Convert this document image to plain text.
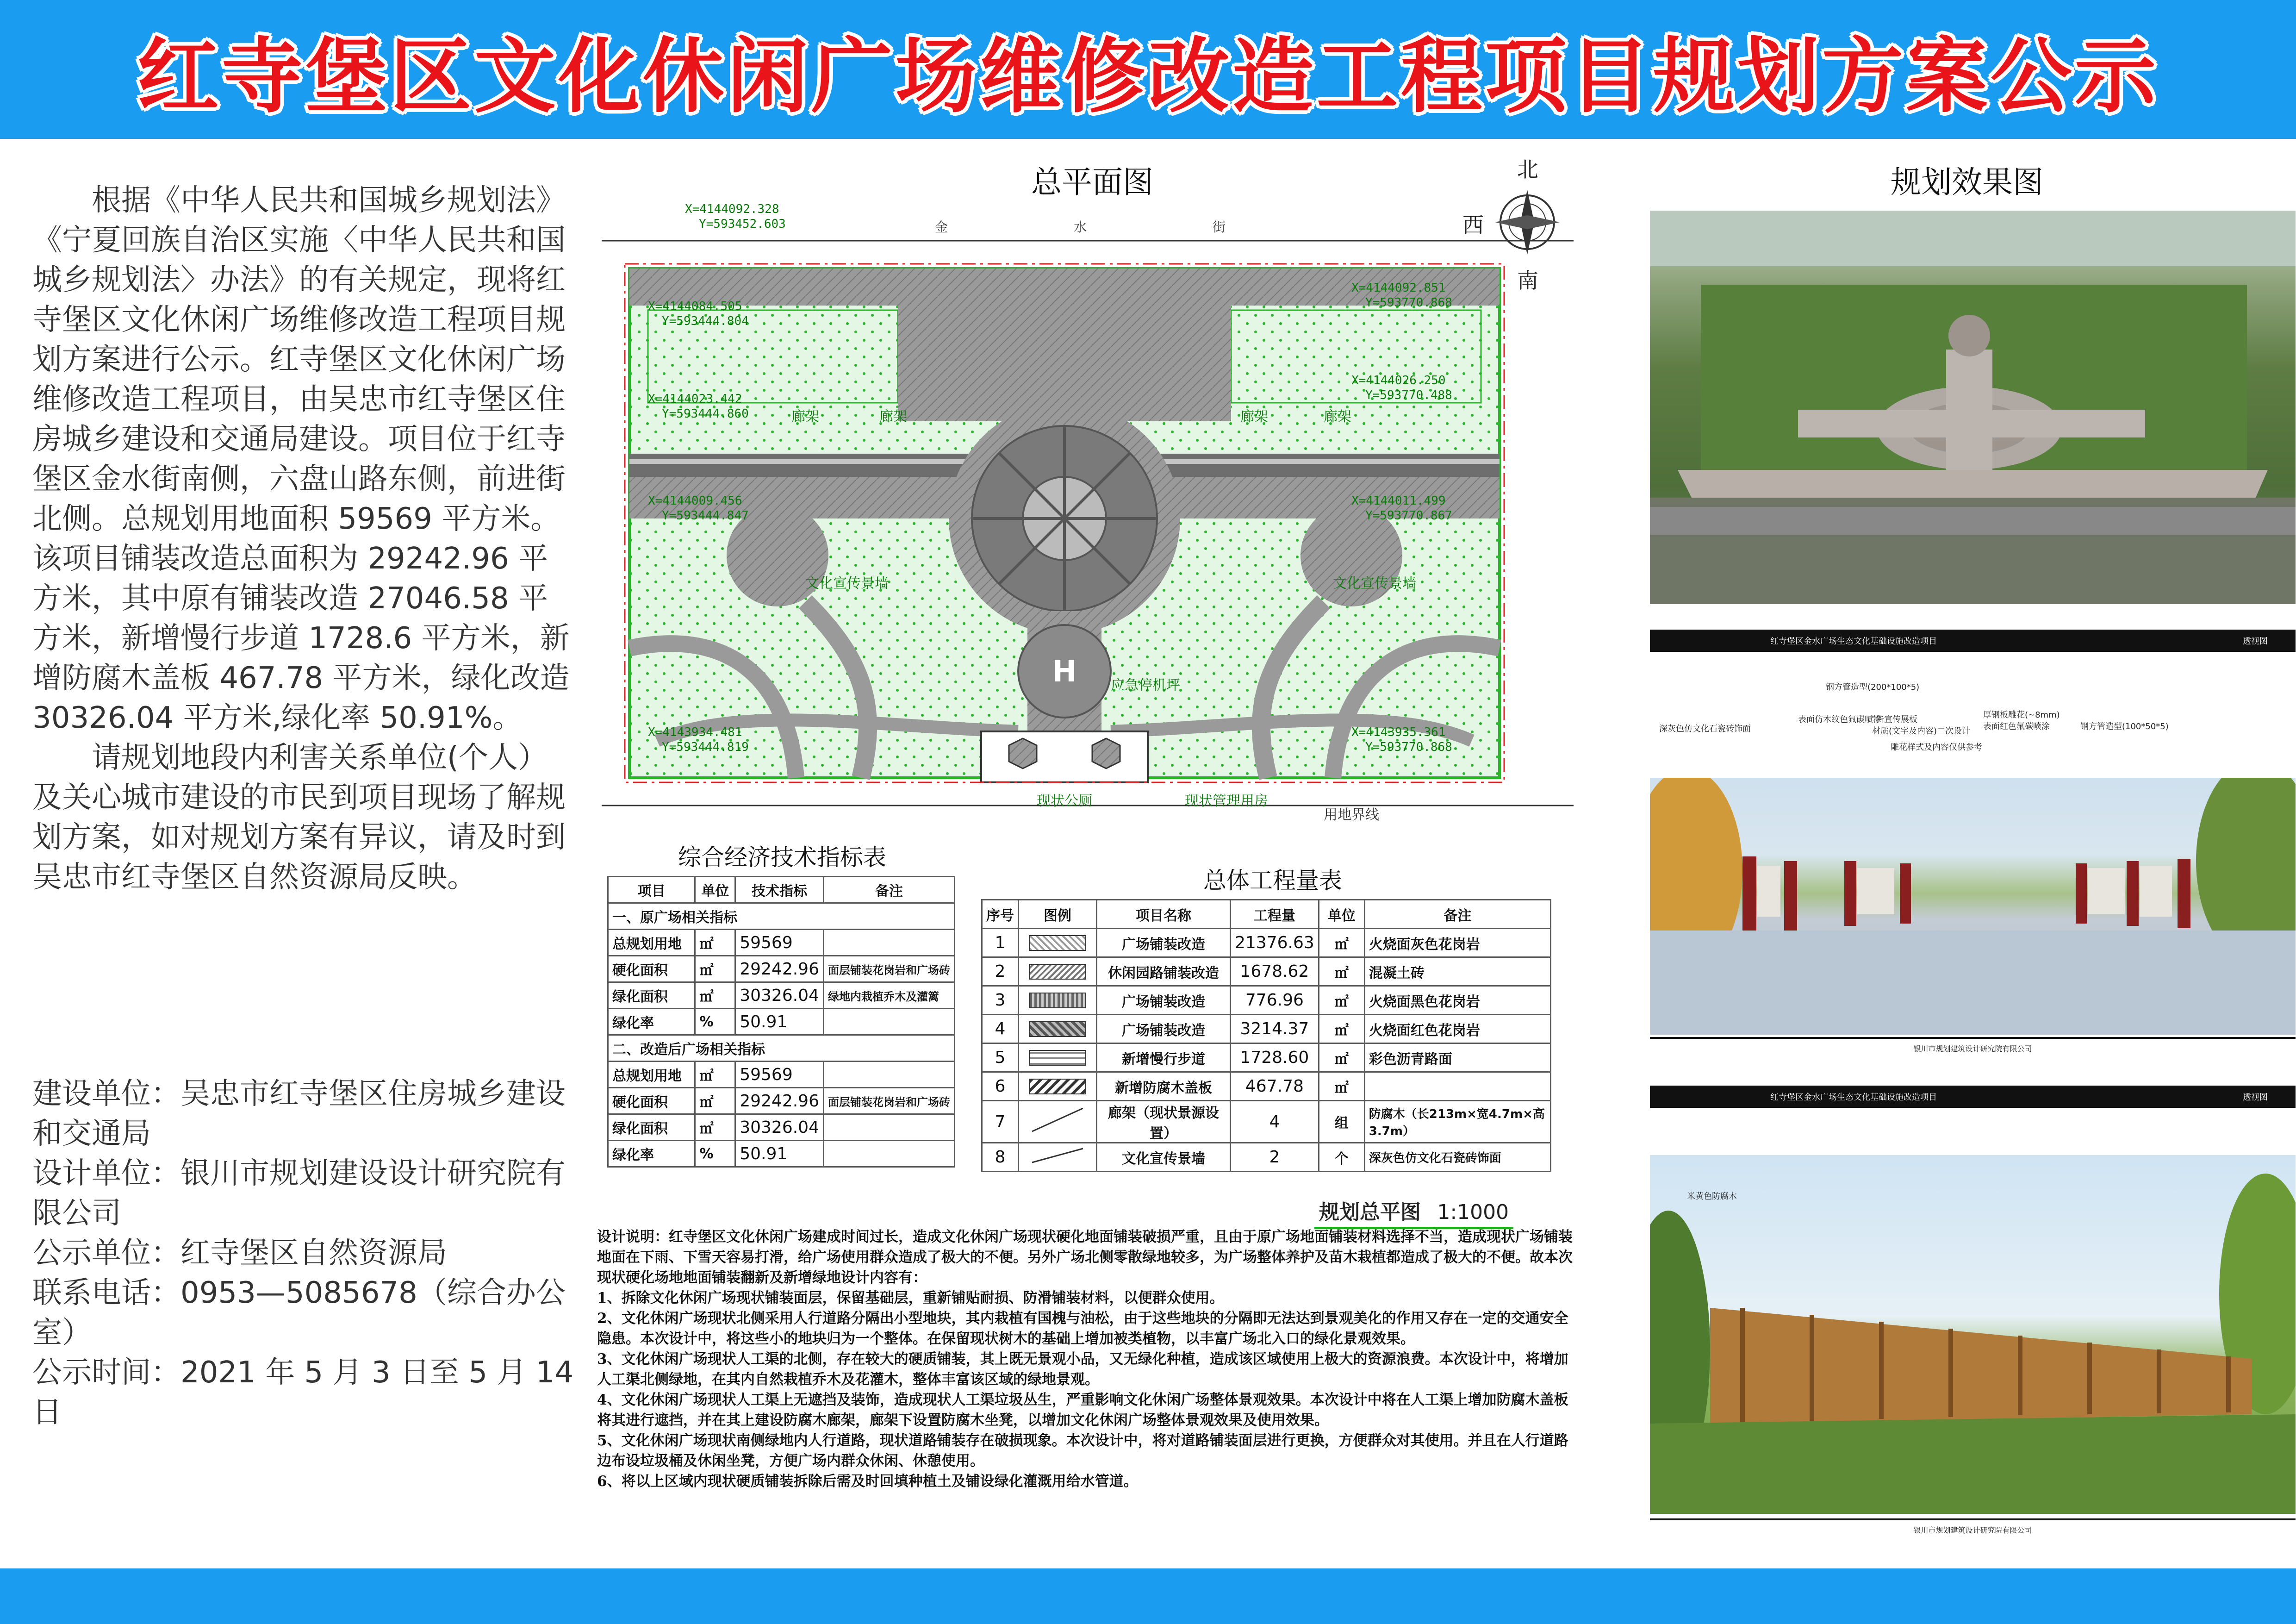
红寺堡区文化休闲广场维修改造工程项目规划方案公示

根据《中华人民共和国城乡规划法》《宁夏回族自治区实施〈中华人民共和国城乡规划法〉办法》的有关规定，现将红寺堡区文化休闲广场维修改造工程项目规划方案进行公示。红寺堡区文化休闲广场维修改造工程项目，由吴忠市红寺堡区住房城乡建设和交通局建设。项目位于红寺堡区金水街南侧，六盘山路东侧，前进街北侧。总规划用地面积 59569 平方米。该项目铺装改造总面积为 29242.96 平方米，其中原有铺装改造 27046.58 平方米，新增慢行步道 1728.6 平方米，新增防腐木盖板 467.78 平方米，绿化改造 30326.04 平方米,绿化率 50.91%。

请规划地段内利害关系单位(个人）及关心城市建设的市民到项目现场了解规划方案，如对规划方案有异议，请及时到吴忠市红寺堡区自然资源局反映。

建设单位：吴忠市红寺堡区住房城乡建设和交通局

设计单位：银川市规划建设设计研究院有限公司

公示单位：红寺堡区自然资源局

联系电话：0953—5085678（综合办公室）

公示时间：2021 年 5 月 3 日至 5 月 14 日

总平面图
H
金	水	街
X=4144092.328
Y=593452.603
X=4144084.505
Y=593444.804
X=4144092.851
Y=593770.868
X=4144023.442
Y=593444.860
X=4144026.250
Y=593770.488
X=4144009.456
Y=593444.847
X=4144011.499
Y=593770.867
X=4143934.481
Y=593444.819
X=4143935.361
Y=593770.868
廊架	廊架	廊架	廊架
文化宣传景墙	文化宣传景墙
应急停机坪
现状公厕	现状管理用房
用地界线
北
西
南
综合经济技术指标表
项目	单位	技术指标	备注
一、原广场相关指标			
总规划用地	㎡	59569	
硬化面积	㎡	29242.96	面层铺装花岗岩和广场砖
绿化面积	㎡	30326.04	绿地内栽植乔木及灌篱
绿化率	%	50.91	
二、改造后广场相关指标			
总规划用地	㎡	59569	
硬化面积	㎡	29242.96	面层铺装花岗岩和广场砖
绿化面积	㎡	30326.04	
绿化率	%	50.91	
总体工程量表
序号	图例	项目名称	工程量	单位	备注
1		广场铺装改造	21376.63	㎡	火烧面灰色花岗岩
2		休闲园路铺装改造	1678.62	㎡	混凝土砖
3		广场铺装改造	776.96	㎡	火烧面黑色花岗岩
4		广场铺装改造	3214.37	㎡	火烧面红色花岗岩
5		新增慢行步道	1728.60	㎡	彩色沥青路面
6		新增防腐木盖板	467.78	㎡	
7		廊架（现状景源设置）	4	组	防腐木（长213m×宽4.7m×高3.7m）
8		文化宣传景墙	2	个	深灰色仿文化石瓷砖饰面
规划总平图 1:1000

设计说明：红寺堡区文化休闲广场建成时间过长，造成文化休闲广场现状硬化地面铺装破损严重，且由于原广场地面铺装材料选择不当，造成现状广场铺装地面在下雨、下雪天容易打滑，给广场使用群众造成了极大的不便。另外广场北侧零散绿地较多，为广场整体养护及苗木栽植都造成了极大的不便。故本次现状硬化场地地面铺装翻新及新增绿地设计内容有：

1、拆除文化休闲广场现状铺装面层，保留基础层，重新铺贴耐损、防滑铺装材料，以便群众使用。

2、文化休闲广场现状北侧采用人行道路分隔出小型地块，其内栽植有国槐与油松，由于这些地块的分隔即无法达到景观美化的作用又存在一定的交通安全隐患。本次设计中，将这些小的地块归为一个整体。在保留现状树木的基础上增加被类植物，以丰富广场北入口的绿化景观效果。

3、文化休闲广场现状人工渠的北侧，存在较大的硬质铺装，其上既无景观小品，又无绿化种植，造成该区域使用上极大的资源浪费。本次设计中，将增加人工渠北侧绿地，在其内自然栽植乔木及花灌木，整体丰富该区域的绿地景观。

4、文化休闲广场现状人工渠上无遮挡及装饰，造成现状人工渠垃圾丛生，严重影响文化休闲广场整体景观效果。本次设计中将在人工渠上增加防腐木盖板将其进行遮挡，并在其上建设防腐木廊架，廊架下设置防腐木坐凳，以增加文化休闲广场整体景观效果及使用效果。

5、文化休闲广场现状南侧绿地内人行道路，现状道路铺装存在破损现象。本次设计中，将对道路铺装面层进行更换，方便群众对其使用。并且在人行道路边布设垃圾桶及休闲坐凳，方便广场内群众休闲、休憩使用。

6、将以上区域内现状硬质铺装拆除后需及时回填种植土及铺设绿化灌溉用给水管道。

规划效果图
红寺堡区金水广场生态文化基础设施改造项目	透视图
钢方管造型(200*100*5)
表面仿木纹色氟碳喷涂
深灰色仿文化石瓷砖饰面
广告宣传展板
材质(文字及内容)二次设计
雕花样式及内容仅供参考
厚钢板雕花(~8mm)
表面红色氟碳喷涂	钢方管造型(100*50*5)
银川市规划建筑设计研究院有限公司
红寺堡区金水广场生态文化基础设施改造项目	透视图
米黄色防腐木
银川市规划建筑设计研究院有限公司
